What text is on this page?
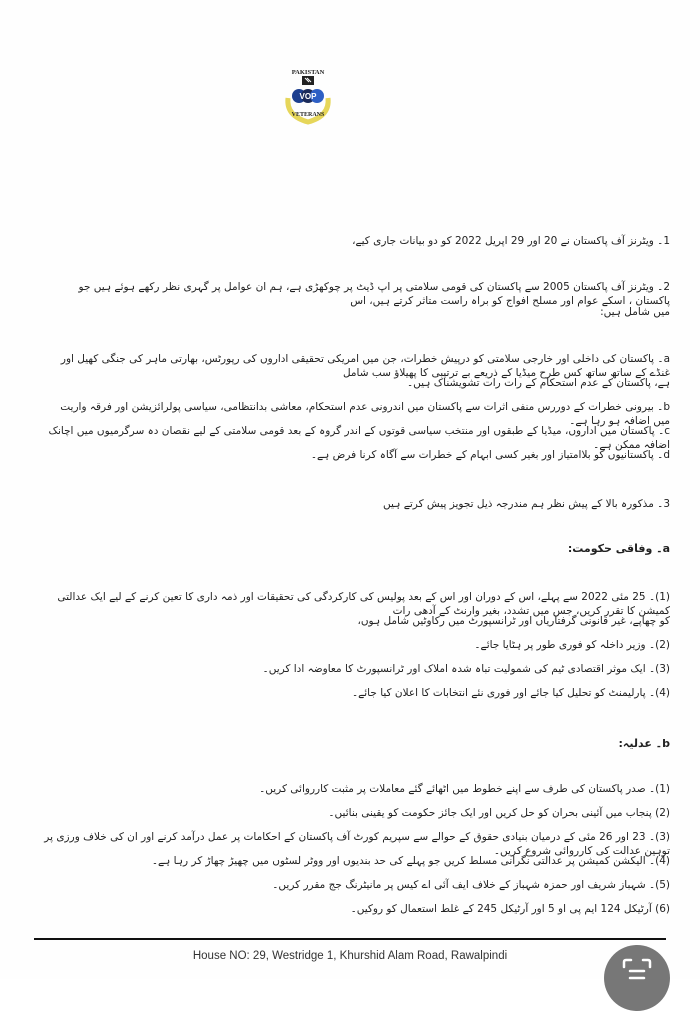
PAKISTAN
VOP
VETERANS
1۔ ویٹرنز آف پاکستان نے 20 اور 29 اپریل 2022 کو دو بیانات جاری کیے،
2۔ ویٹرنز آف پاکستان 2005 سے پاکستان کی قومی سلامتی پر اپ ڈیٹ پر چوکھڑی ہے، ہم ان عوامل پر گہری نظر رکھے ہوئے ہیں جو پاکستان ، اسکے عوام اور مسلح افواج کو براہ راست متاثر کرتے ہیں، اس
میں شامل ہیں:
a۔ پاکستان کی داخلی اور خارجی سلامتی کو درپیش خطرات، جن میں امریکی تحقیقی اداروں کی رپورٹس، بھارتی ماہر کی جنگی کھیل اور غنڈے کے ساتھ ساتھ کس طرح میڈیا کے ذریعے بے ترتیبی کا پھیلاؤ سب شامل
ہے، پاکستان کے عدم استحکام کے رات رات تشویشناک ہیں۔
b۔ بیرونی خطرات کے دوررس منفی اثرات سے پاکستان میں اندرونی عدم استحکام، معاشی بدانتظامی، سیاسی پولرائزیشن اور فرقہ واریت میں اضافہ ہو رہا ہے۔
c۔ پاکستان میں اداروں، میڈیا کے طبقوں اور منتخب سیاسی قوتوں کے اندر گروہ کے بعد قومی سلامتی کے لیے نقصان دہ سرگرمیوں میں اچانک اضافہ ممکن ہے۔
d۔ پاکستانیوں کو بلاامتیاز اور بغیر کسی ابہام کے خطرات سے آگاہ کرنا فرض ہے۔
3۔ مذکورہ بالا کے پیش نظر ہم مندرجہ ذیل تجویز پیش کرتے ہیں
a۔ وفاقی حکومت:
(1)۔ 25 مئی 2022 سے پہلے، اس کے دوران اور اس کے بعد پولیس کی کارکردگی کی تحقیقات اور ذمہ داری کا تعین کرنے کے لیے ایک عدالتی کمیشن کا تقرر کریں، جس میں تشدد، بغیر وارنٹ کے آدھی رات
کو چھاپے، غیر قانونی گرفتاریاں اور ٹرانسپورٹ میں رکاوٹیں شامل ہوں،
(2)۔ وزیر داخلہ کو فوری طور پر ہٹایا جائے۔
(3)۔ ایک موثر اقتصادی ٹیم کی شمولیت تباہ شدہ املاک اور ٹرانسپورٹ کا معاوضہ ادا کریں۔
(4)۔ پارلیمنٹ کو تحلیل کیا جائے اور فوری نئے انتخابات کا اعلان کیا جائے۔
b۔ عدلیہ:
(1)۔ صدر پاکستان کی طرف سے اپنے خطوط میں اٹھائے گئے معاملات پر مثبت کارروائی کریں۔
(2) پنجاب میں آئینی بحران کو حل کریں اور ایک جائز حکومت کو یقینی بنائیں۔
(3)۔ 23 اور 26 مئی کے درمیان بنیادی حقوق کے حوالے سے سپریم کورٹ آف پاکستان کے احکامات پر عمل درآمد کرنے اور ان کی خلاف ورزی پر توہین عدالت کی کارروائی شروع کریں۔
(4)۔ الیکشن کمیشن پر عدالتی نگرانی مسلط کریں جو پہلے کی حد بندیوں اور ووٹر لسٹوں میں چھیڑ چھاڑ کر رہا ہے۔
(5)۔ شہباز شریف اور حمزہ شہباز کے خلاف ایف آئی اے کیس پر مانیٹرنگ جج مقرر کریں۔
(6) آرٹیکل 124 ایم پی او 5 اور آرٹیکل 245 کے غلط استعمال کو روکیں۔
House NO: 29, Westridge 1, Khurshid Alam Road, Rawalpindi
